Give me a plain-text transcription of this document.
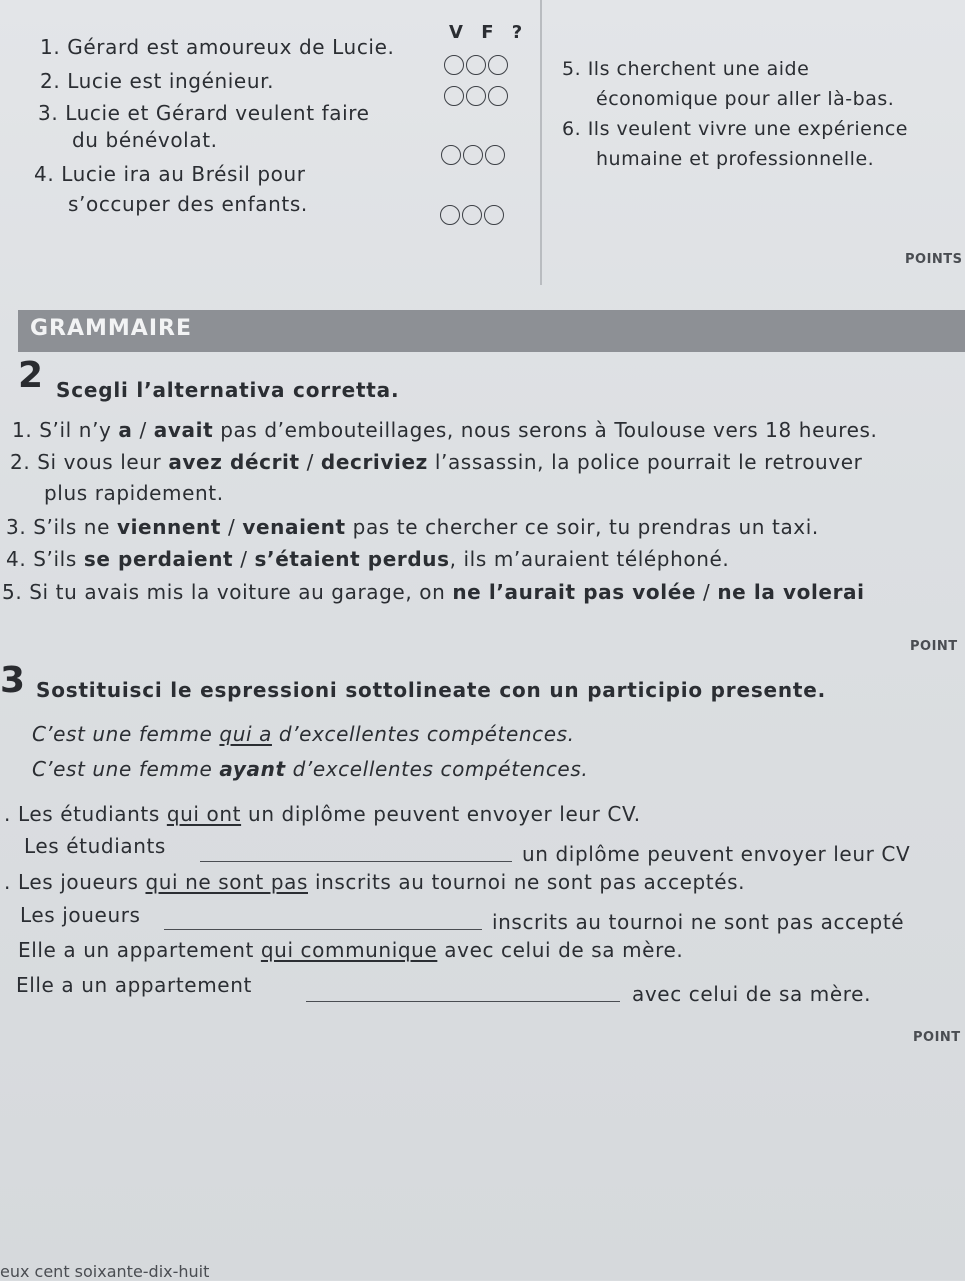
V F ?
1. Gérard est amoureux de Lucie.
2. Lucie est ingénieur.
3. Lucie et Gérard veulent faire
du bénévolat.
4. Lucie ira au Brésil pour
s’occuper des enfants.
5. Ils cherchent une aide
économique pour aller là-bas.
6. Ils veulent vivre une expérience
humaine et professionnelle.
POINTS
GRAMMAIRE
2 Scegli l’alternativa corretta.
1. S’il n’y a / avait pas d’embouteillages, nous serons à Toulouse vers 18 heures.
2. Si vous leur avez décrit / decriviez l’assassin, la police pourrait le retrouver
plus rapidement.
3. S’ils ne viennent / venaient pas te chercher ce soir, tu prendras un taxi.
4. S’ils se perdaient / s’étaient perdus, ils m’auraient téléphoné.
5. Si tu avais mis la voiture au garage, on ne l’aurait pas volée / ne la volerai
POINT
3 Sostituisci le espressioni sottolineate con un participio presente.
C’est une femme qui a d’excellentes compétences.
C’est une femme ayant d’excellentes compétences.
. Les étudiants qui ont un diplôme peuvent envoyer leur CV.
Les étudiants	un diplôme peuvent envoyer leur CV
. Les joueurs qui ne sont pas inscrits au tournoi ne sont pas acceptés.
Les joueurs	inscrits au tournoi ne sont pas accepté
Elle a un appartement qui communique avec celui de sa mère.
Elle a un appartement	avec celui de sa mère.
POINT
eux cent soixante-dix-huit
